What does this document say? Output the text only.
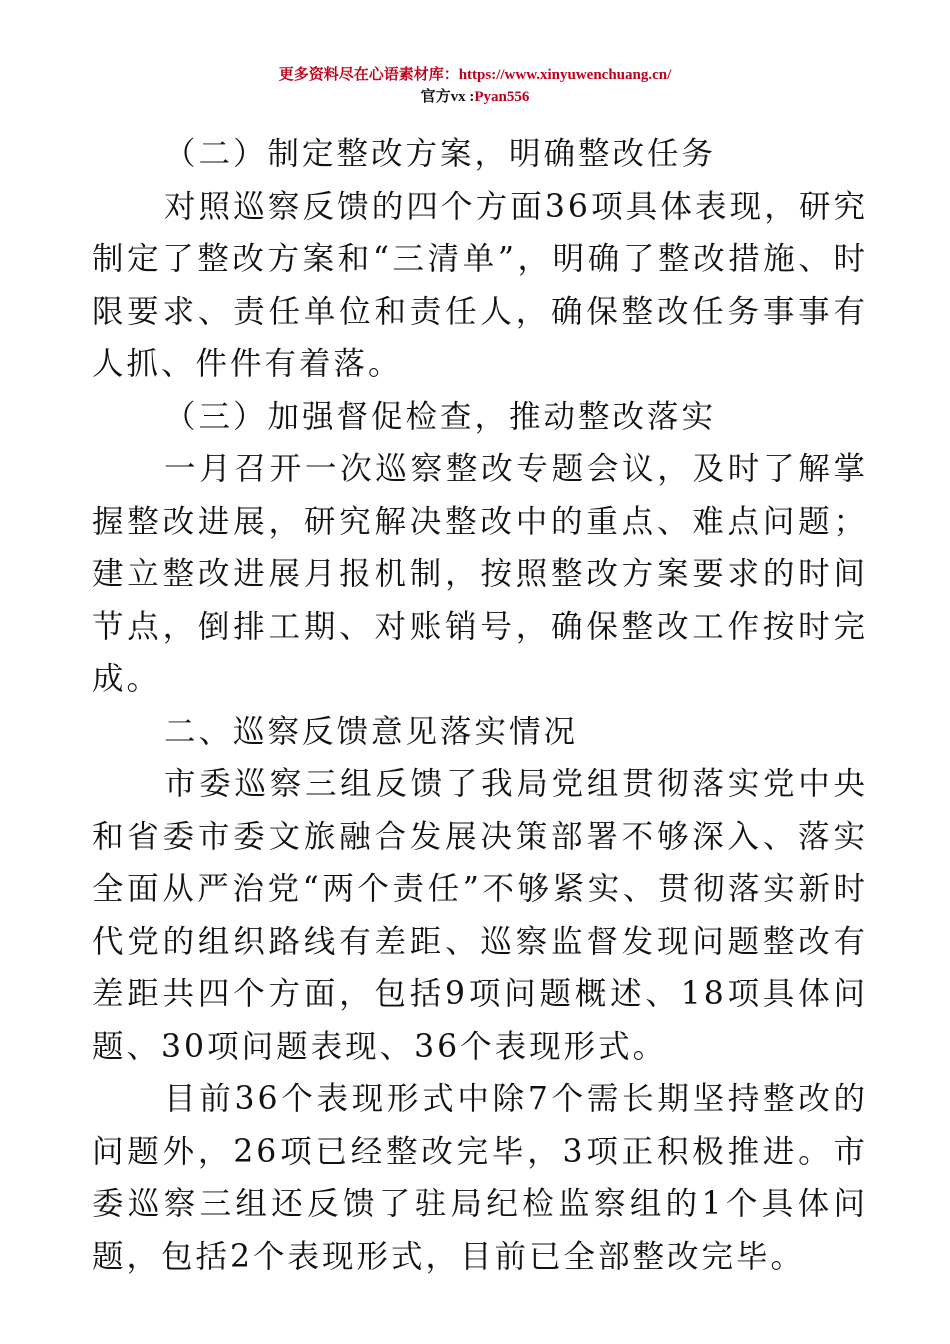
更多资料尽在心语素材库：https://www.xinyuwenchuang.cn/
官方vx :Pyan556

（二）制定整改方案，明确整改任务

对照巡察反馈的四个方面36项具体表现，研究制定了整改方案和“三清单”，明确了整改措施、时限要求、责任单位和责任人，确保整改任务事事有人抓、件件有着落。

（三）加强督促检查，推动整改落实

一月召开一次巡察整改专题会议，及时了解掌握整改进展，研究解决整改中的重点、难点问题；建立整改进展月报机制，按照整改方案要求的时间节点，倒排工期、对账销号，确保整改工作按时完成。

二、巡察反馈意见落实情况

市委巡察三组反馈了我局党组贯彻落实党中央和省委市委文旅融合发展决策部署不够深入、落实全面从严治党“两个责任”不够紧实、贯彻落实新时代党的组织路线有差距、巡察监督发现问题整改有差距共四个方面，包括9项问题概述、18项具体问题、30项问题表现、36个表现形式。

目前36个表现形式中除7个需长期坚持整改的问题外，26项已经整改完毕，3项正积极推进。市委巡察三组还反馈了驻局纪检监察组的1个具体问题，包括2个表现形式，目前已全部整改完毕。
